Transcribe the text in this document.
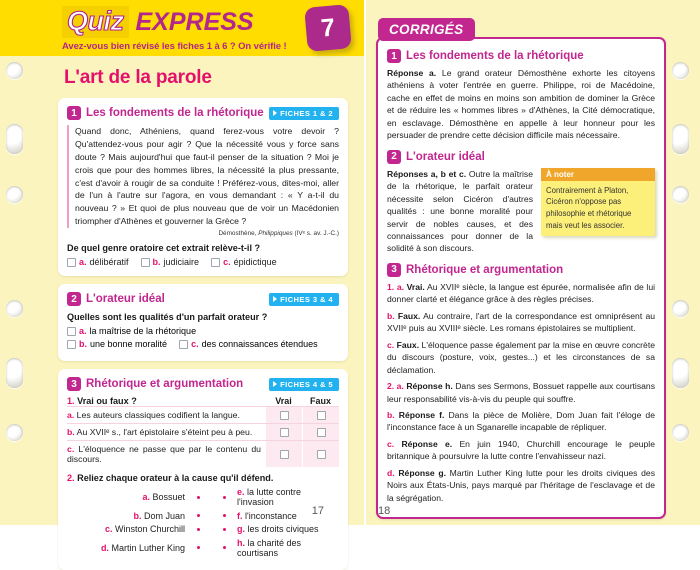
Quiz EXPRESS
Avez-vous bien révisé les fiches 1 à 6 ? On vérifie !
7
L'art de la parole
1 Les fondements de la rhétorique FICHES 1 & 2
Quand donc, Athéniens, quand ferez-vous votre devoir ? Qu'attendez-vous pour agir ? Que la nécessité vous y force sans doute ? Mais aujourd'hui que faut-il penser de la situation ? Moi je crois que pour des hommes libres, la nécessité la plus pressante, c'est d'avoir à rougir de sa conduite ! Préférez-vous, dites-moi, aller de l'un à l'autre sur l'agora, en vous demandant : « Y a-t-il du nouveau ? » Et quoi de plus nouveau que de voir un Macédonien triompher d'Athènes et gouverner la Grèce ?
Démosthène, Philippiques (IVᵉ s. av. J.-C.)
De quel genre oratoire cet extrait relève-t-il ?
a. délibératif	b. judiciaire	c. épidictique
2 L'orateur idéal	FICHES 3 & 4
Quelles sont les qualités d'un parfait orateur ?
a. la maîtrise de la rhétorique
b. une bonne moralité	c. des connaissances étendues
3 Rhétorique et argumentation	FICHES 4 & 5
1. Vrai ou faux ?	Vrai	Faux
a. Les auteurs classiques codifient la langue.
b. Au XVIIᵉ s., l'art épistolaire s'éteint peu à peu.
c. L'éloquence ne passe que par le contenu du discours.
2. Reliez chaque orateur à la cause qu'il défend.
a. Bossuet	e. la lutte contre l'invasion
b. Dom Juan	f. l'inconstance
c. Winston Churchill	g. les droits civiques
d. Martin Luther King	h. la charité des courtisans
17
CORRIGÉS
1 Les fondements de la rhétorique
Réponse a. Le grand orateur Démosthène exhorte les citoyens athéniens à voter l'entrée en guerre. Philippe, roi de Macédoine, cache en effet de moins en moins son ambition de dominer la Grèce et de réduire les « hommes libres » d'Athènes, la Cité démocratique, en esclavage. Démosthène en appelle à leur honneur pour les persuader de prendre cette décision difficile mais nécessaire.
2 L'orateur idéal
À noter
Contrairement à Platon, Cicéron n'oppose pas philosophie et rhétorique mais veut les associer.
Réponses a, b et c. Outre la maîtrise de la rhétorique, le parfait orateur nécessite selon Cicéron d'autres qualités : une bonne moralité pour servir de nobles causes, et des connaissances pour donner de la solidité à son discours.
3 Rhétorique et argumentation
1. a. Vrai. Au XVIIᵉ siècle, la langue est épurée, normalisée afin de lui donner clarté et élégance grâce à des règles précises.
b. Faux. Au contraire, l'art de la correspondance est omniprésent au XVIIᵉ puis au XVIIIᵉ siècle. Les romans épistolaires se multiplient.
c. Faux. L'éloquence passe également par la mise en œuvre concrète du discours (posture, voix, gestes...) et les circonstances de sa déclamation.
2. a. Réponse h. Dans ses Sermons, Bossuet rappelle aux courtisans leur responsabilité vis-à-vis du peuple qui souffre.
b. Réponse f. Dans la pièce de Molière, Dom Juan fait l'éloge de l'inconstance face à un Sganarelle incapable de répliquer.
c. Réponse e. En juin 1940, Churchill encourage le peuple britannique à poursuivre la lutte contre l'envahisseur nazi.
d. Réponse g. Martin Luther King lutte pour les droits civiques des Noirs aux États-Unis, pays marqué par l'héritage de l'esclavage et de la ségrégation.
18
